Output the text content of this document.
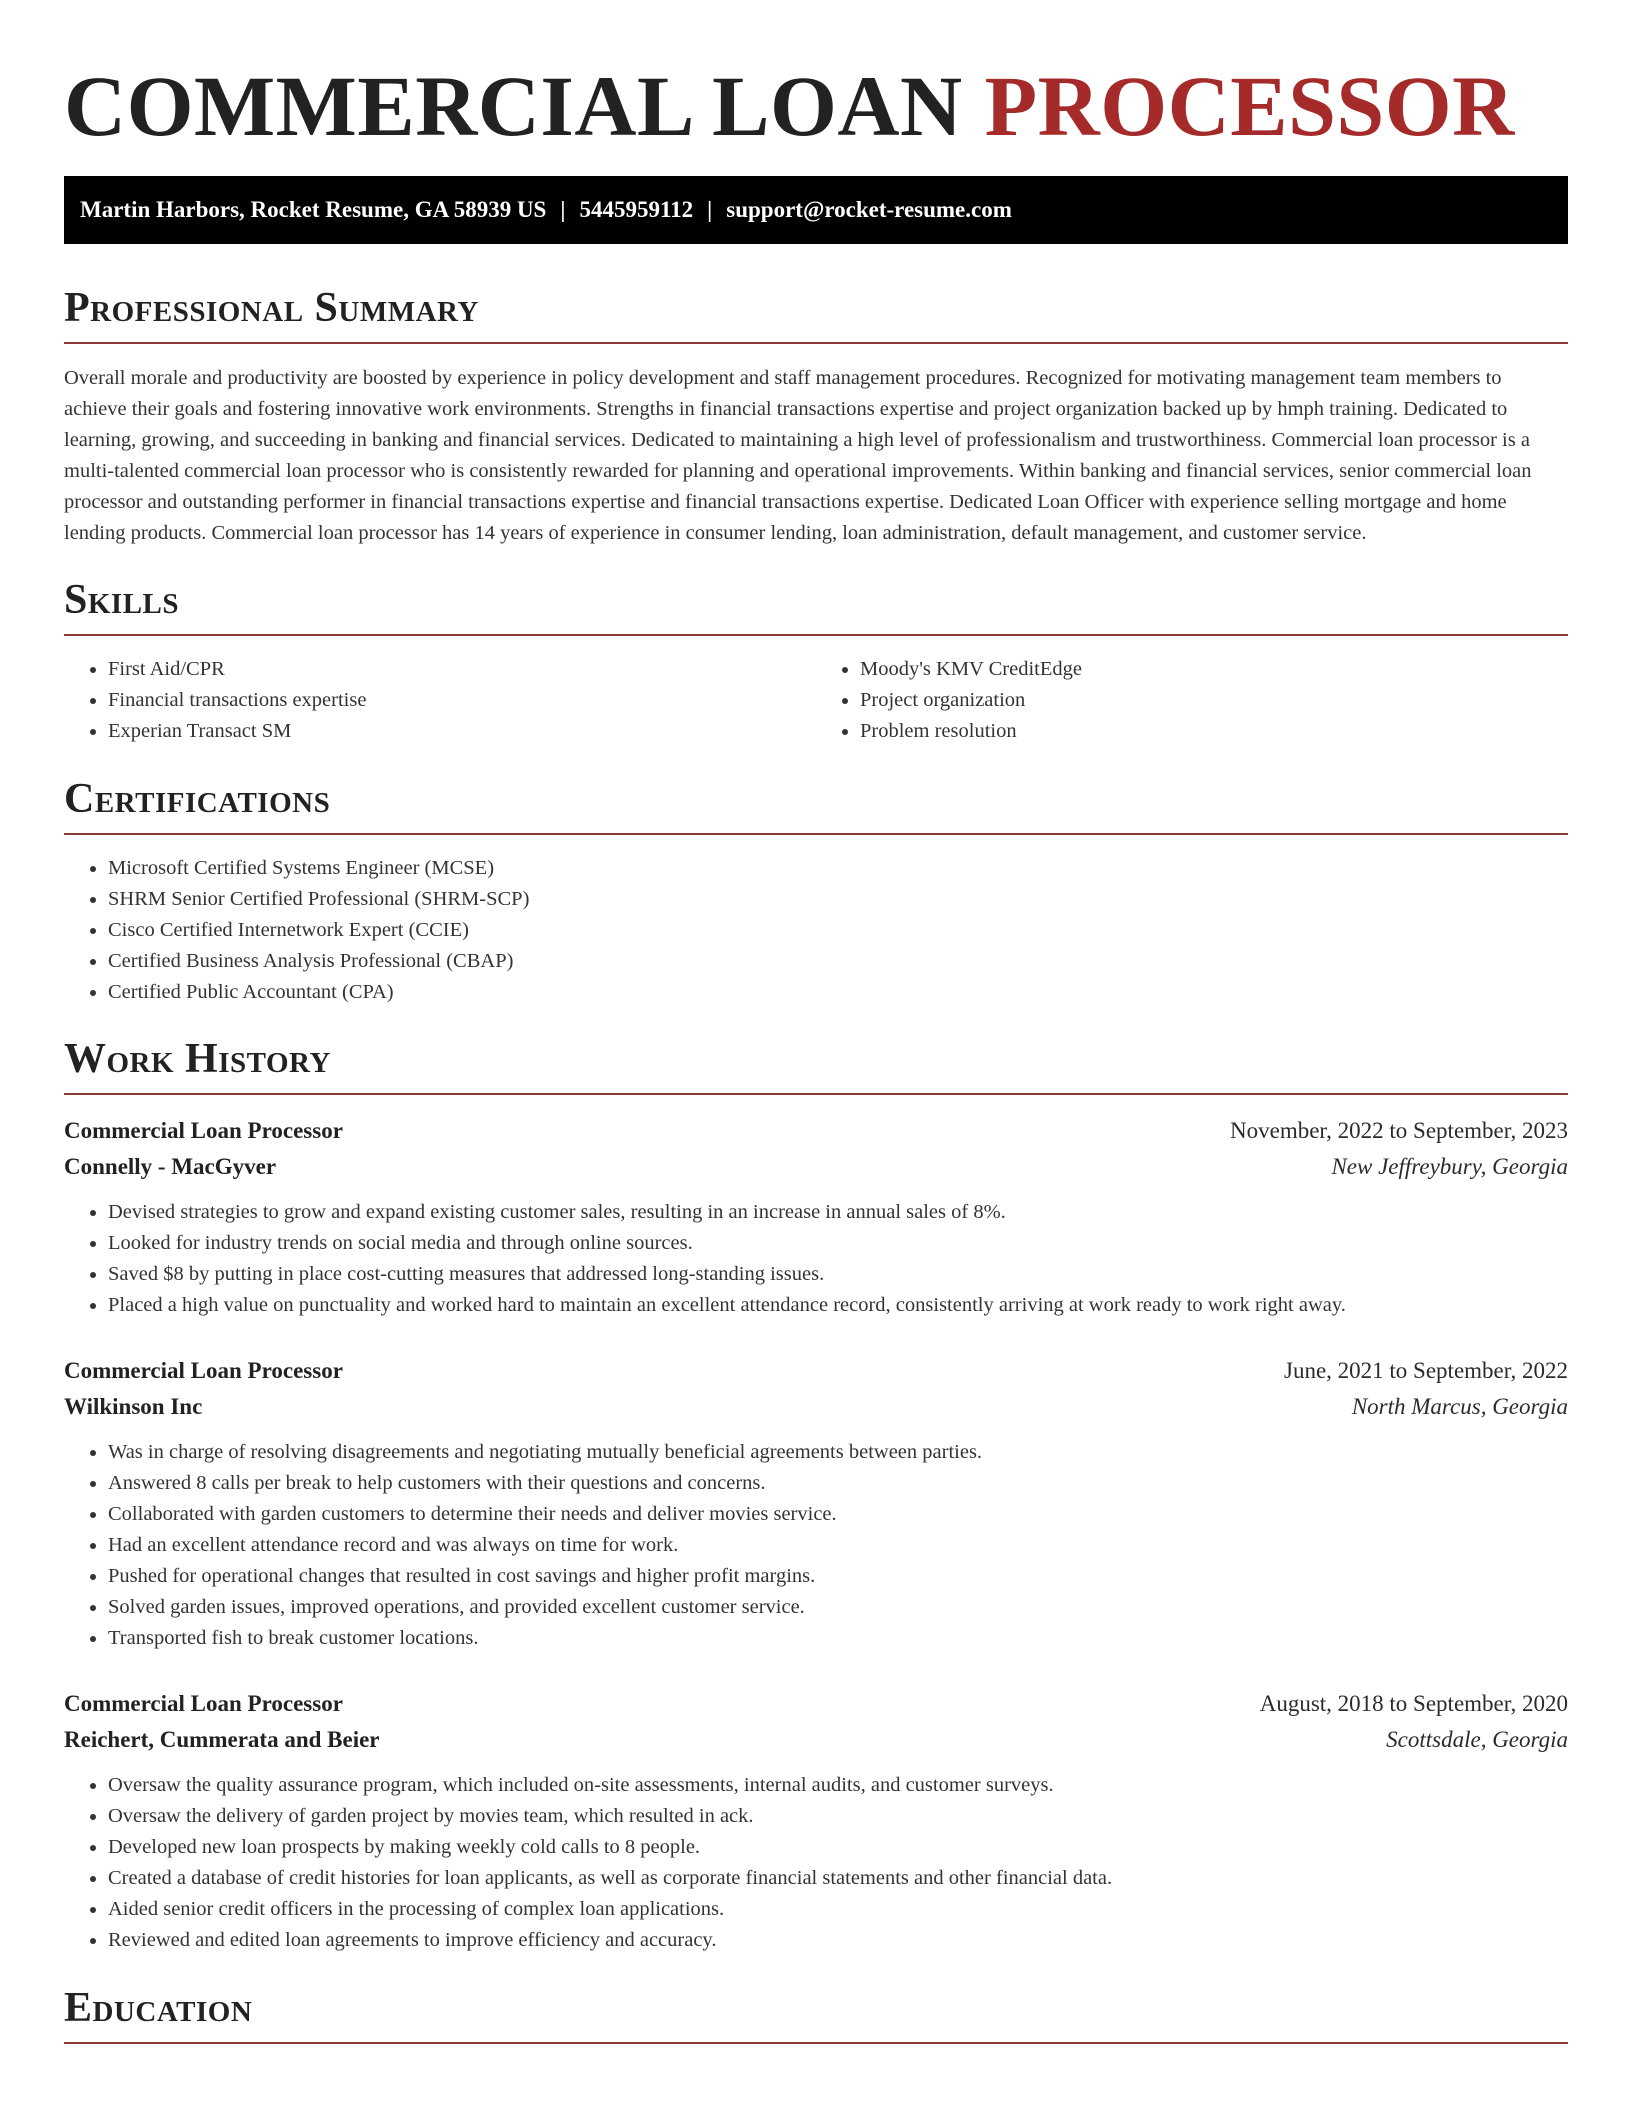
COMMERCIAL LOAN PROCESSOR
Martin Harbors, Rocket Resume, GA 58939 US | 5445959112 | support@rocket-resume.com
Professional Summary

Overall morale and productivity are boosted by experience in policy development and staff management procedures. Recognized for motivating management team members to achieve their goals and fostering innovative work environments. Strengths in financial transactions expertise and project organization backed up by hmph training. Dedicated to learning, growing, and succeeding in banking and financial services. Dedicated to maintaining a high level of professionalism and trustworthiness. Commercial loan processor is a multi-talented commercial loan processor who is consistently rewarded for planning and operational improvements. Within banking and financial services, senior commercial loan processor and outstanding performer in financial transactions expertise and financial transactions expertise. Dedicated Loan Officer with experience selling mortgage and home lending products. Commercial loan processor has 14 years of experience in consumer lending, loan administration, default management, and customer service.

Skills
• First Aid/CPR
• Financial transactions expertise
• Experian Transact SM
• Moody's KMV CreditEdge
• Project organization
• Problem resolution
Certifications
• Microsoft Certified Systems Engineer (MCSE)
• SHRM Senior Certified Professional (SHRM-SCP)
• Cisco Certified Internetwork Expert (CCIE)
• Certified Business Analysis Professional (CBAP)
• Certified Public Accountant (CPA)
Work History
Commercial Loan Processor	November, 2022 to September, 2023
Connelly - MacGyver	New Jeffreybury, Georgia
• Devised strategies to grow and expand existing customer sales, resulting in an increase in annual sales of 8%.
• Looked for industry trends on social media and through online sources.
• Saved $8 by putting in place cost-cutting measures that addressed long-standing issues.
• Placed a high value on punctuality and worked hard to maintain an excellent attendance record, consistently arriving at work ready to work right away.
Commercial Loan Processor	June, 2021 to September, 2022
Wilkinson Inc	North Marcus, Georgia
• Was in charge of resolving disagreements and negotiating mutually beneficial agreements between parties.
• Answered 8 calls per break to help customers with their questions and concerns.
• Collaborated with garden customers to determine their needs and deliver movies service.
• Had an excellent attendance record and was always on time for work.
• Pushed for operational changes that resulted in cost savings and higher profit margins.
• Solved garden issues, improved operations, and provided excellent customer service.
• Transported fish to break customer locations.
Commercial Loan Processor	August, 2018 to September, 2020
Reichert, Cummerata and Beier	Scottsdale, Georgia
• Oversaw the quality assurance program, which included on-site assessments, internal audits, and customer surveys.
• Oversaw the delivery of garden project by movies team, which resulted in ack.
• Developed new loan prospects by making weekly cold calls to 8 people.
• Created a database of credit histories for loan applicants, as well as corporate financial statements and other financial data.
• Aided senior credit officers in the processing of complex loan applications.
• Reviewed and edited loan agreements to improve efficiency and accuracy.
Education
